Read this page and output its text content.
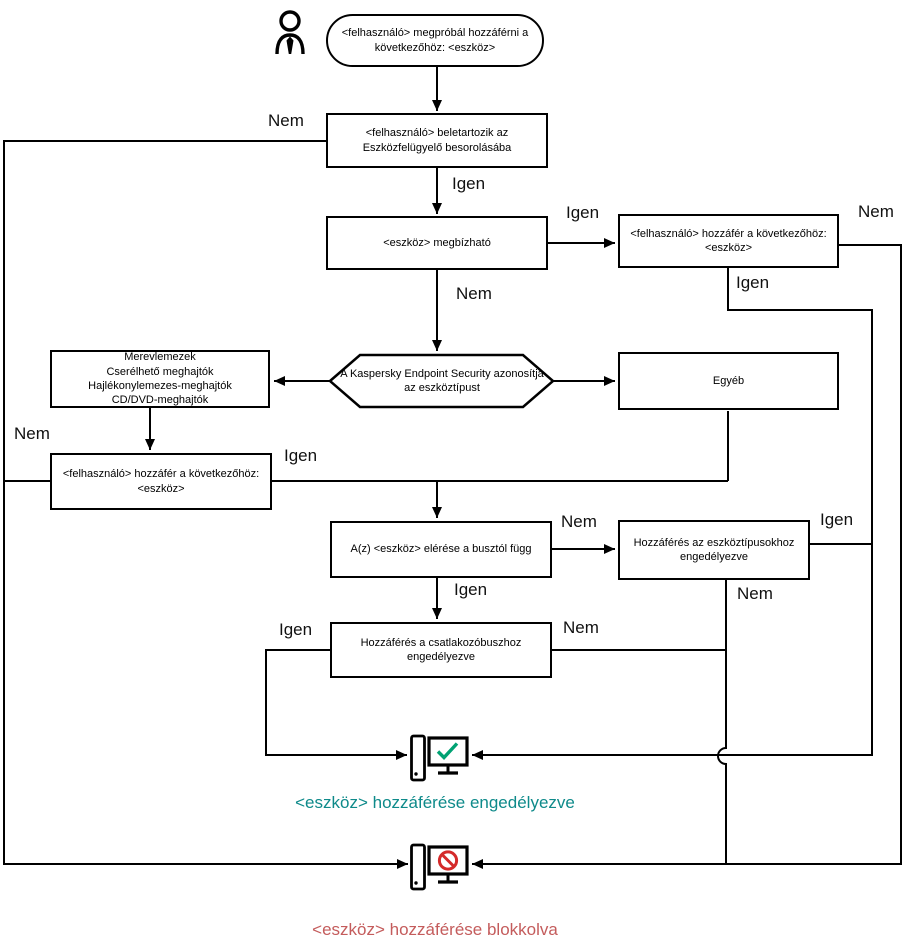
<felhasználó> megpróbál hozzáférni a következőhöz: <eszköz>
<felhasználó> beletartozik az Eszközfelügyelő besorolásába
<eszköz> megbízható
<felhasználó> hozzáfér a következőhöz: <eszköz>
A Kaspersky Endpoint Security azonosítja az eszköztípust
Merevlemezek
Cserélhető meghajtók
Hajlékonylemezes-meghajtók
CD/DVD-meghajtók
Egyéb
<felhasználó> hozzáfér a következőhöz: <eszköz>
A(z) <eszköz> elérése a busztól függ
Hozzáférés az eszköztípusokhoz engedélyezve
Hozzáférés a csatlakozóbuszhoz engedélyezve
Nem
Igen
Igen
Nem
Nem
Igen
Nem
Igen
Nem	Igen
Igen	Nem
Igen	Nem
<eszköz> hozzáférése engedélyezve
<eszköz> hozzáférése blokkolva
